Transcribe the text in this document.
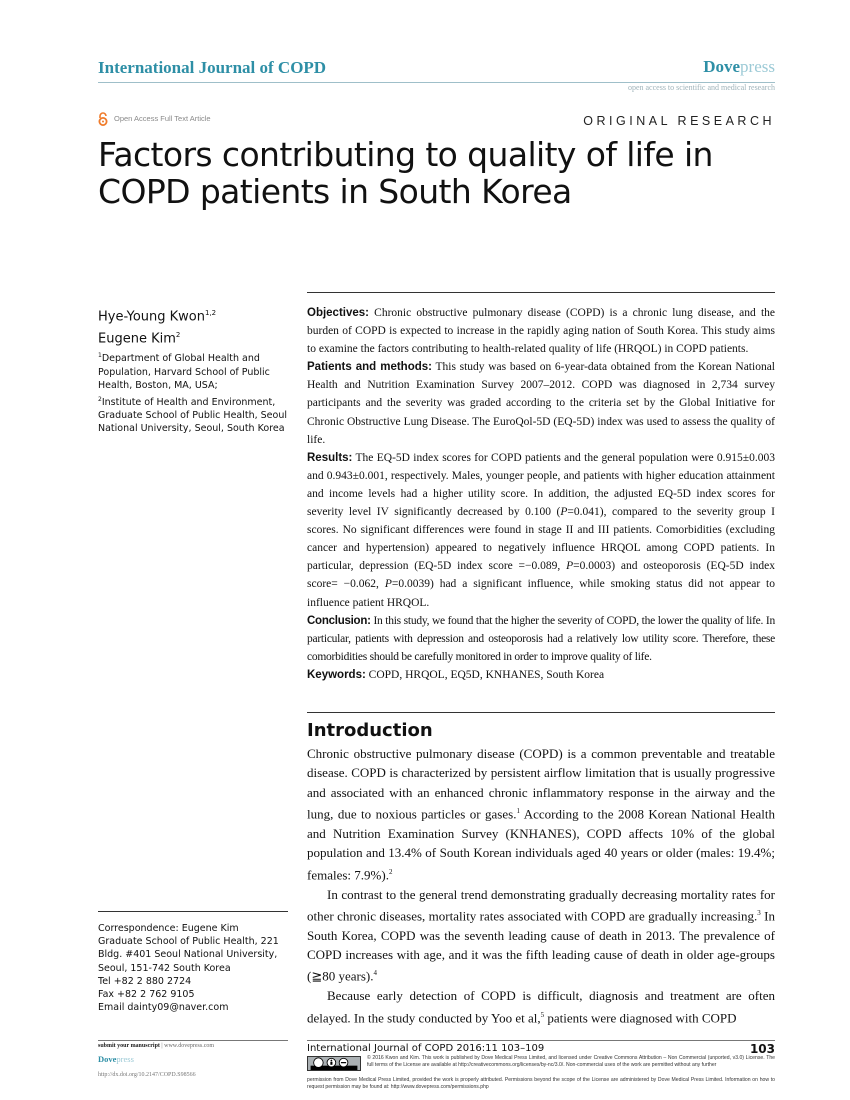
International Journal of COPD	Dovepress
open access to scientific and medical research
Open Access Full Text Article	ORIGINAL RESEARCH
Factors contributing to quality of life in COPD patients in South Korea
Hye-Young Kwon$^{1,2}$
Eugene Kim$^2$
$^1$Department of Global Health and Population, Harvard School of Public Health, Boston, MA, USA;
$^2$Institute of Health and Environment, Graduate School of Public Health, Seoul National University, Seoul, South Korea

Objectives: Chronic obstructive pulmonary disease (COPD) is a chronic lung disease, and the burden of COPD is expected to increase in the rapidly aging nation of South Korea. This study aims to examine the factors contributing to health-related quality of life (HRQOL) in COPD patients.

Patients and methods: This study was based on 6-year-data obtained from the Korean National Health and Nutrition Examination Survey 2007–2012. COPD was diagnosed in 2,734 survey participants and the severity was graded according to the criteria set by the Global Initiative for Chronic Obstructive Lung Disease. The EuroQol-5D (EQ-5D) index was used to assess the quality of life.

Results: The EQ-5D index scores for COPD patients and the general population were 0.915±0.003 and 0.943±0.001, respectively. Males, younger people, and patients with higher education attainment and income levels had a higher utility score. In addition, the adjusted EQ-5D index scores for severity level IV significantly decreased by 0.100 (P=0.041), compared to the severity group I scores. No significant differences were found in stage II and III patients. Comorbidities (excluding cancer and hypertension) appeared to negatively influence HRQOL among COPD patients. In particular, depression (EQ-5D index score =−0.089, P=0.0003) and osteoporosis (EQ-5D index score= −0.062, P=0.0039) had a significant influence, while smoking status did not appear to influence patient HRQOL.

Conclusion: In this study, we found that the higher the severity of COPD, the lower the quality of life. In particular, patients with depression and osteoporosis had a relatively low utility score. Therefore, these comorbidities should be carefully monitored in order to improve quality of life.

Keywords: COPD, HRQOL, EQ5D, KNHANES, South Korea

Introduction

Chronic obstructive pulmonary disease (COPD) is a common preventable and treatable disease. COPD is characterized by persistent airflow limitation that is usually progressive and associated with an enhanced chronic inflammatory response in the airway and the lung, due to noxious particles or gases.$^1$ According to the 2008 Korean National Health and Nutrition Examination Survey (KNHANES), COPD affects 10% of the global population and 13.4% of South Korean individuals aged 40 years or older (males: 19.4%; females: 7.9%).$^2$

In contrast to the general trend demonstrating gradually decreasing mortality rates for other chronic diseases, mortality rates associated with COPD are gradually increasing.$^3$ In South Korea, COPD was the seventh leading cause of death in 2013. The prevalence of COPD increases with age, and it was the fifth leading cause of death in older age-groups (≧80 years).$^4$

Because early detection of COPD is difficult, diagnosis and treatment are often delayed. In the study conducted by Yoo et al,$^5$ patients were diagnosed with COPD

Correspondence: Eugene Kim
Graduate School of Public Health, 221
Bldg. #401 Seoul National University,
Seoul, 151-742 South Korea
Tel +82 2 880 2724
Fax +82 2 762 9105
Email dainty09@naver.com
submit your manuscript | www.dovepress.com
Dovepress
http://dx.doi.org/10.2147/COPD.S98566
International Journal of COPD 2016:11 103–109	103
© 2016 Kwon and Kim. This work is published by Dove Medical Press Limited, and licensed under Creative Commons Attribution – Non Commercial (unported, v3.0) License. The full terms of the License are available at http://creativecommons.org/licenses/by-nc/3.0/. Non-commercial uses of the work are permitted without any further
permission from Dove Medical Press Limited, provided the work is properly attributed. Permissions beyond the scope of the License are administered by Dove Medical Press Limited. Information on how to request permission may be found at: http://www.dovepress.com/permissions.php
